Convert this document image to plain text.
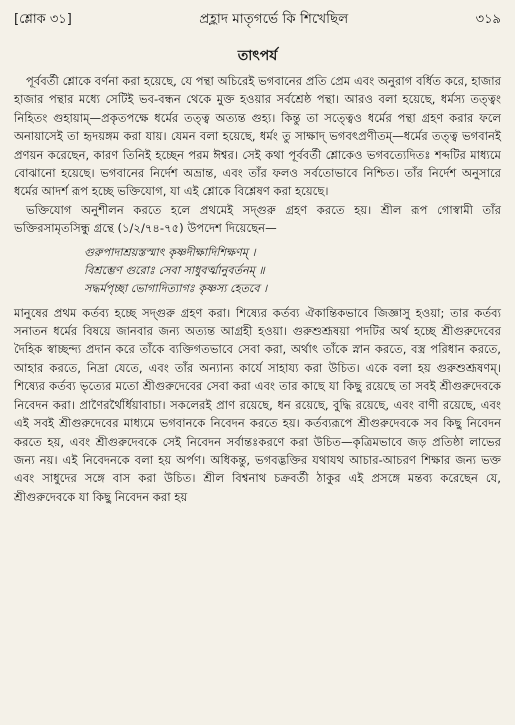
[শ্লোক ৩১]	প্রহ্লাদ মাতৃগর্ভে কি শিখেছিল	৩১৯
তাৎপর্য

পূর্ববর্তী শ্লোকে বর্ণনা করা হয়েছে, যে পন্থা অচিরেই ভগবানের প্রতি প্রেম এবং অনুরাগ বর্ধিত করে, হাজার হাজার পন্থার মধ্যে সেটিই ভব-বন্ধন থেকে মুক্ত হওয়ার সর্বশ্রেষ্ঠ পন্থা। আরও বলা হয়েছে, ধর্মস্য তত্ত্বং নিহিতং গুহায়াম্—প্রকৃতপক্ষে ধর্মের তত্ত্ব অত্যন্ত গুহ্য। কিন্তু তা সত্ত্বেও ধর্মের পন্থা গ্রহণ করার ফলে অনায়াসেই তা হৃদয়ঙ্গম করা যায়। যেমন বলা হয়েছে, ধর্মং তু সাক্ষাদ্ ভগবৎপ্রণীতম্—ধর্মের তত্ত্ব ভগবানই প্রণয়ন করেছেন, কারণ তিনিই হচ্ছেন পরম ঈশ্বর। সেই কথা পূর্ববর্তী শ্লোকেও ভগবত্যেদিতঃ শব্দটির মাধ্যমে বোঝানো হয়েছে। ভগবানের নির্দেশ অভ্রান্ত, এবং তাঁর ফলও সর্বতোভাবে নিশ্চিত। তাঁর নির্দেশ অনুসারে ধর্মের আদর্শ রূপ হচ্ছে ভক্তিযোগ, যা এই শ্লোকে বিশ্লেষণ করা হয়েছে।

ভক্তিযোগ অনুশীলন করতে হলে প্রথমেই সদ্গুরু গ্রহণ করতে হয়। শ্রীল রূপ গোস্বামী তাঁর ভক্তিরসামৃতসিন্ধু গ্রন্থে (১/২/৭৪-৭৫) উপদেশ দিয়েছেন—

গুরুপাদাশ্রয়স্তস্মাৎ কৃষ্ণদীক্ষাদিশিক্ষণম্ ।
বিশ্রম্ভেণ গুরোঃ সেবা সাধুবর্ত্মানুবর্তনম্ ॥
সদ্ধর্মপৃচ্ছা ভোগাদিত্যাগঃ কৃষ্ণস্য হেতবে ।

মানুষের প্রথম কর্তব্য হচ্ছে সদ্গুরু গ্রহণ করা। শিষ্যের কর্তব্য ঐকান্তিকভাবে জিজ্ঞাসু হওয়া; তার কর্তব্য সনাতন ধর্মের বিষয়ে জানবার জন্য অত্যন্ত আগ্রহী হওয়া। গুরুশুশ্রূষয়া পদটির অর্থ হচ্ছে শ্রীগুরুদেবের দৈহিক স্বাচ্ছন্দ্য প্রদান করে তাঁকে ব্যক্তিগতভাবে সেবা করা, অর্থাৎ তাঁকে স্নান করতে, বস্ত্র পরিধান করতে, আহার করতে, নিদ্রা যেতে, এবং তাঁর অন্যান্য কার্যে সাহায্য করা উচিত। একে বলা হয় গুরুশুশ্রূষণম্। শিষ্যের কর্তব্য ভৃত্যের মতো শ্রীগুরুদেবের সেবা করা এবং তার কাছে যা কিছু রয়েছে তা সবই শ্রীগুরুদেবকে নিবেদন করা। প্রাণৈরর্থৈর্ধিয়াবাচা। সকলেরই প্রাণ রয়েছে, ধন রয়েছে, বুদ্ধি রয়েছে, এবং বাণী রয়েছে, এবং এই সবই শ্রীগুরুদেবের মাধ্যমে ভগবানকে নিবেদন করতে হয়। কর্তব্যরূপে শ্রীগুরুদেবকে সব কিছু নিবেদন করতে হয়, এবং শ্রীগুরুদেবকে সেই নিবেদন সর্বান্তঃকরণে করা উচিত—কৃত্রিমভাবে জড় প্রতিষ্ঠা লাভের জন্য নয়। এই নিবেদনকে বলা হয় অর্পণ। অধিকন্তু, ভগবদ্ভক্তির যথাযথ আচার-আচরণ শিক্ষার জন্য ভক্ত এবং সাধুদের সঙ্গে বাস করা উচিত। শ্রীল বিশ্বনাথ চক্রবর্তী ঠাকুর এই প্রসঙ্গে মন্তব্য করেছেন যে, শ্রীগুরুদেবকে যা কিছু নিবেদন করা হয়
